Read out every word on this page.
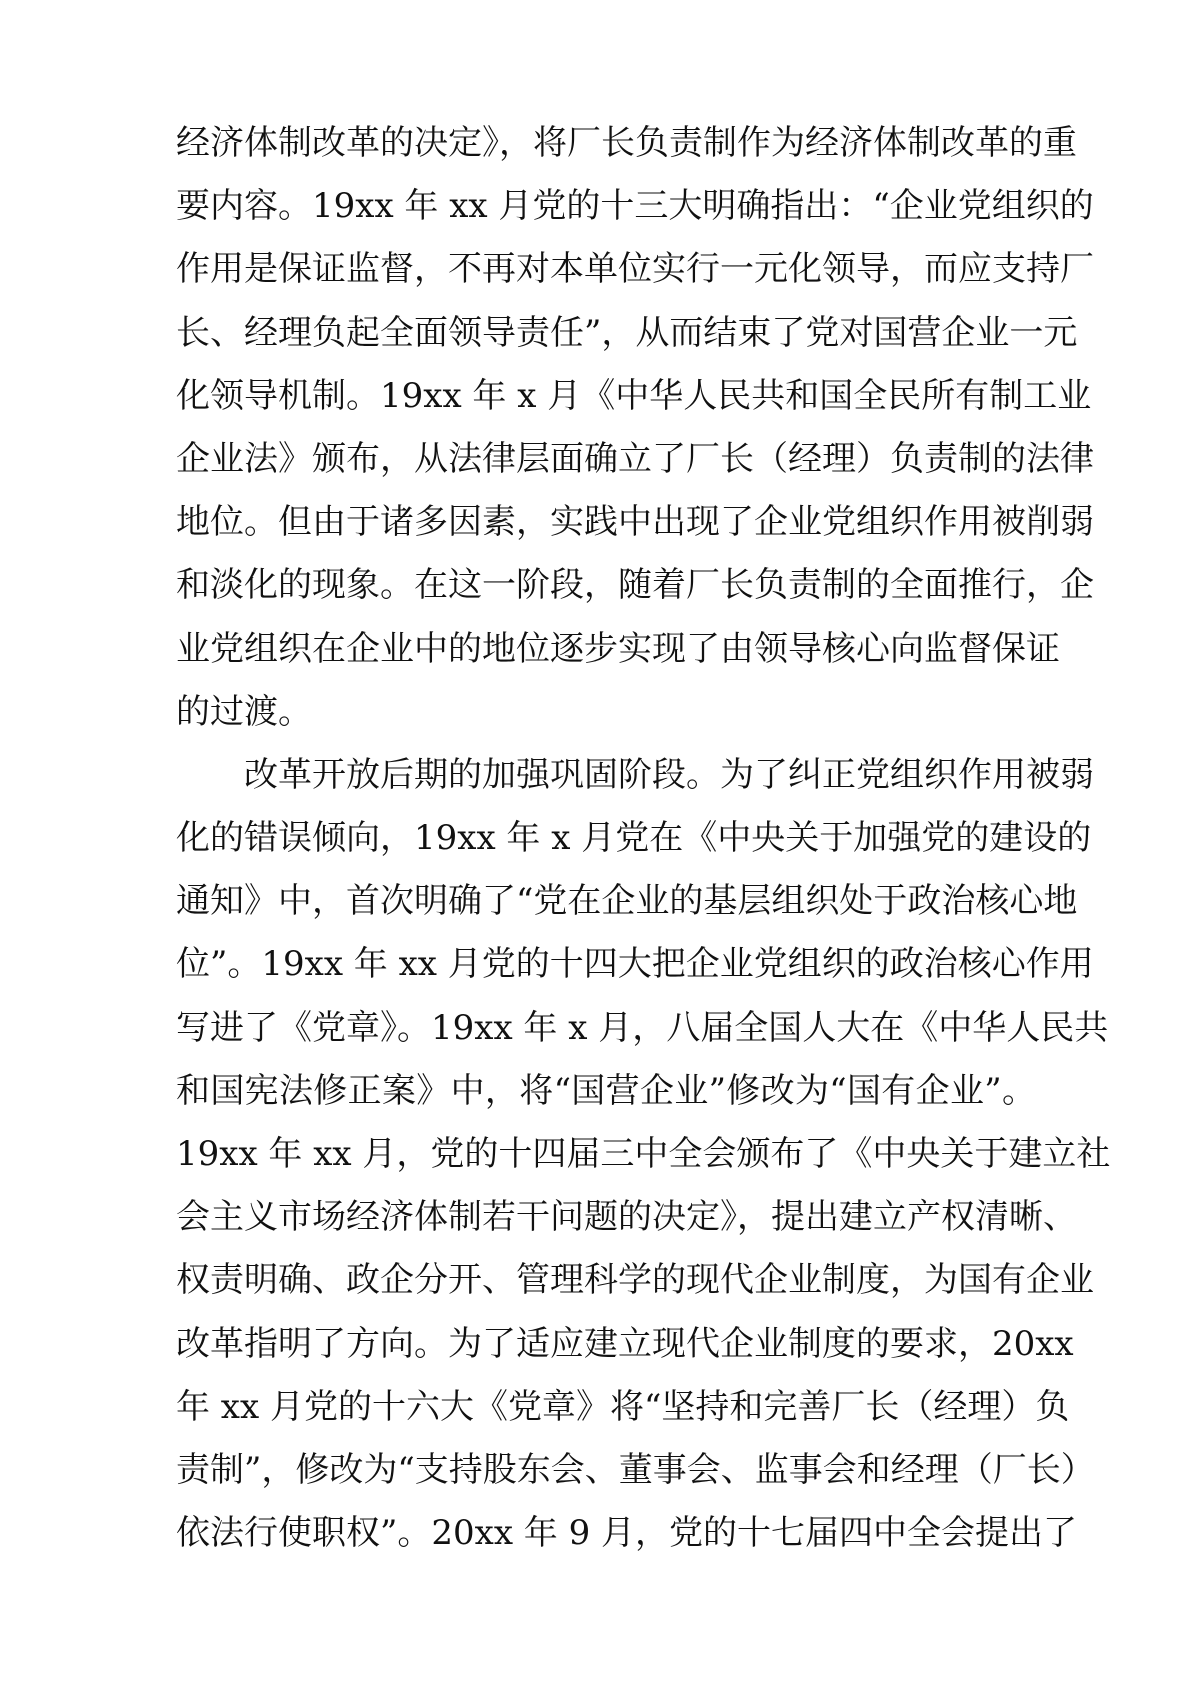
经济体制改革的决定》，将厂长负责制作为经济体制改革的重
要内容。19xx 年 xx 月党的十三大明确指出：“企业党组织的
作用是保证监督，不再对本单位实行一元化领导，而应支持厂
长、经理负起全面领导责任”，从而结束了党对国营企业一元
化领导机制。19xx 年 x 月《中华人民共和国全民所有制工业
企业法》颁布，从法律层面确立了厂长（经理）负责制的法律
地位。但由于诸多因素，实践中出现了企业党组织作用被削弱
和淡化的现象。在这一阶段，随着厂长负责制的全面推行，企
业党组织在企业中的地位逐步实现了由领导核心向监督保证
的过渡。
改革开放后期的加强巩固阶段。为了纠正党组织作用被弱
化的错误倾向，19xx 年 x 月党在《中央关于加强党的建设的
通知》中，首次明确了“党在企业的基层组织处于政治核心地
位”。19xx 年 xx 月党的十四大把企业党组织的政治核心作用
写进了《党章》。19xx 年 x 月，八届全国人大在《中华人民共
和国宪法修正案》中，将“国营企业”修改为“国有企业”。
19xx 年 xx 月，党的十四届三中全会颁布了《中央关于建立社
会主义市场经济体制若干问题的决定》，提出建立产权清晰、
权责明确、政企分开、管理科学的现代企业制度，为国有企业
改革指明了方向。为了适应建立现代企业制度的要求，20xx
年 xx 月党的十六大《党章》将“坚持和完善厂长（经理）负
责制”，修改为“支持股东会、董事会、监事会和经理（厂长）
依法行使职权”。20xx 年 9 月，党的十七届四中全会提出了
